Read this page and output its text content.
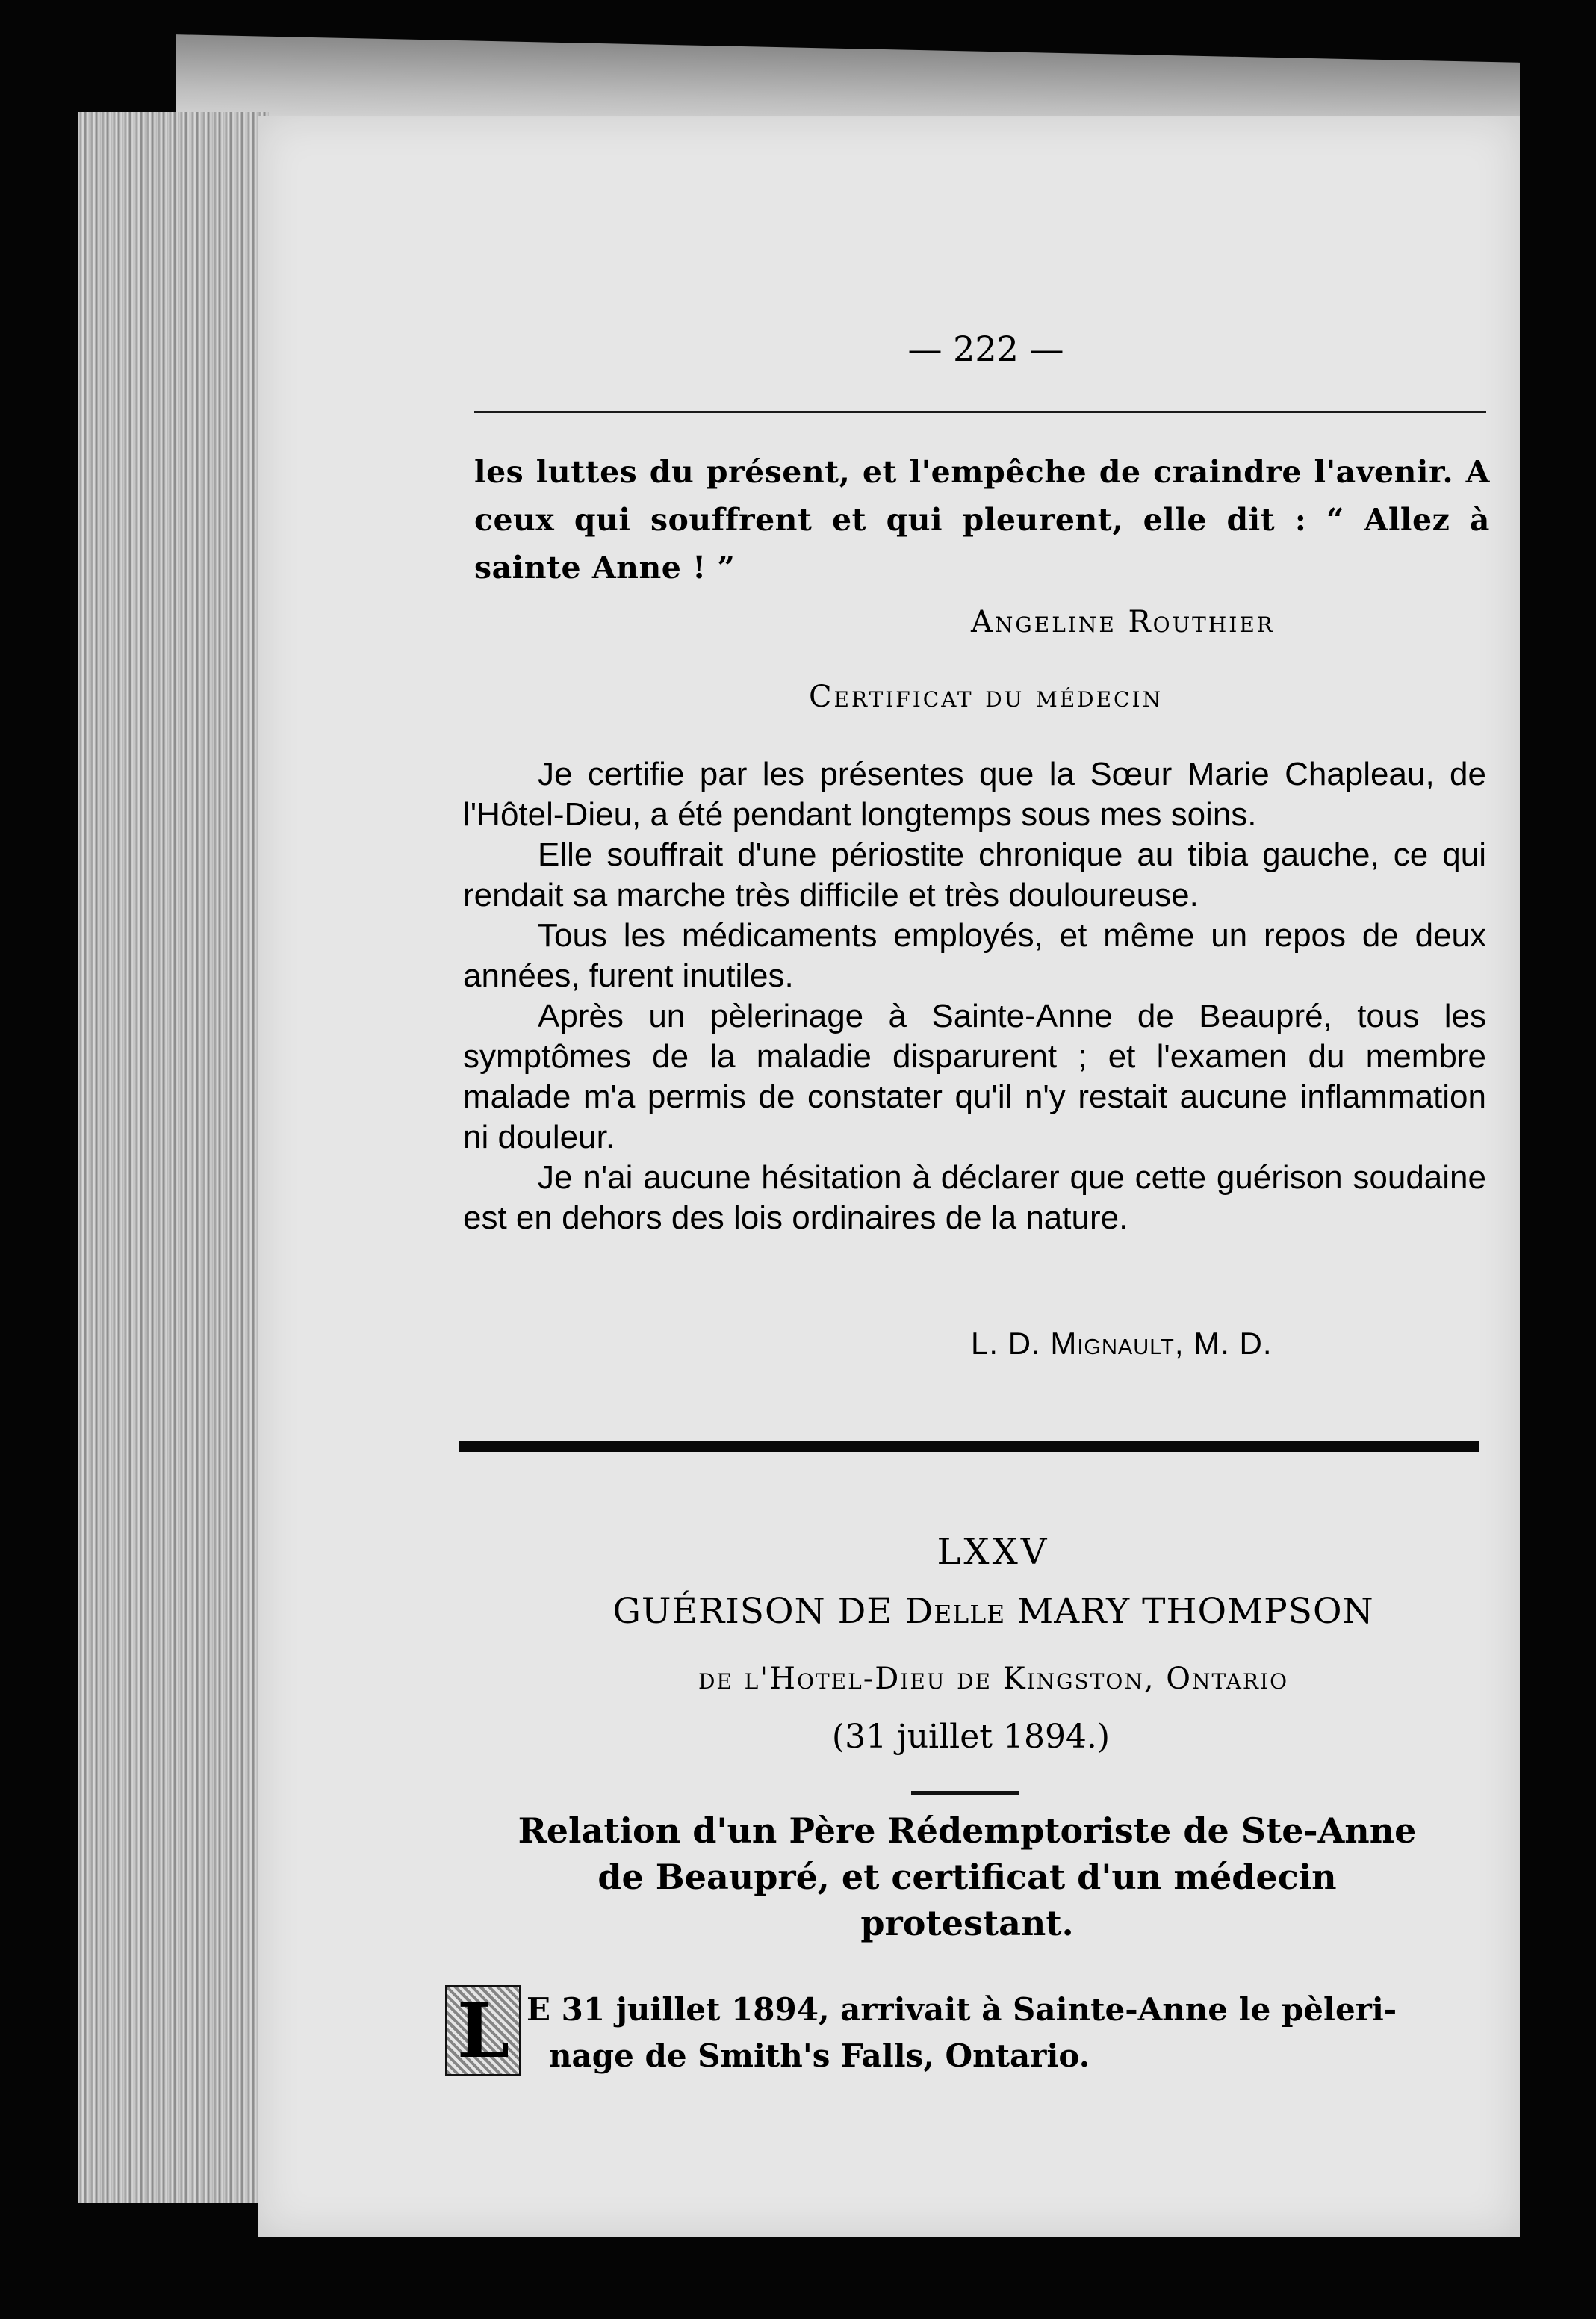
— 222 —
les luttes du présent, et l'empêche de craindre l'avenir. A ceux qui souffrent et qui pleurent, elle dit : “ Allez à sainte Anne ! ”
Angeline Routhier
Certificat du médecin

Je certifie par les présentes que la Sœur Marie Chapleau, de l'Hôtel-Dieu, a été pendant longtemps sous mes soins.

Elle souffrait d'une périostite chronique au tibia gauche, ce qui rendait sa marche très difficile et très douloureuse.

Tous les médicaments employés, et même un repos de deux années, furent inutiles.

Après un pèlerinage à Sainte-Anne de Beaupré, tous les symptômes de la maladie disparurent ; et l'examen du membre malade m'a permis de constater qu'il n'y restait aucune inflammation ni douleur.

Je n'ai aucune hésitation à déclarer que cette guérison soudaine est en dehors des lois ordinaires de la nature.

L. D. Mignault, M. D.
LXXV
GUÉRISON DE Delle MARY THOMPSON
de l'Hotel-Dieu de Kingston, Ontario
(31 juillet 1894.)
Relation d'un Père Rédemptoriste de Ste-Anne
de Beaupré, et certificat d'un médecin
protestant.
L E 31 juillet 1894, arrivait à Sainte-Anne le pèleri-
nage de Smith's Falls, Ontario.
